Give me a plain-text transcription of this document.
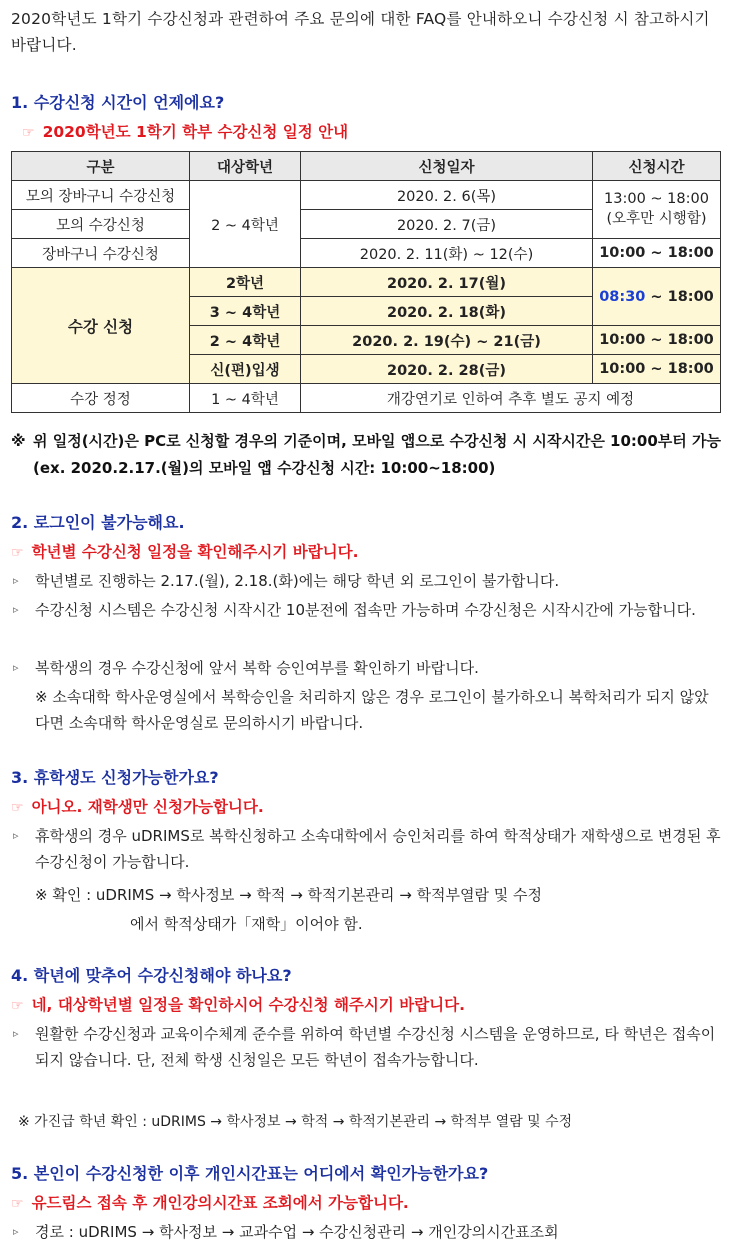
2020학년도 1학기 수강신청과 관련하여 주요 문의에 대한 FAQ를 안내하오니 수강신청 시 참고하시기 바랍니다.
1. 수강신청 시간이 언제에요?
☞ 2020학년도 1학기 학부 수강신청 일정 안내
구분	대상학년	신청일자	신청시간
모의 장바구니 수강신청	2 ~ 4학년	2020. 2. 6(목)	13:00 ~ 18:00
(오후만 시행함)

모의 수강신청		2020. 2. 7(금)	
장바구니 수강신청		2020. 2. 11(화) ~ 12(수)	10:00 ~ 18:00
수강 신청	2학년	2020. 2. 17(월)	08:30 ~ 18:00
	3 ~ 4학년	2020. 2. 18(화)	
	2 ~ 4학년	2020. 2. 19(수) ~ 21(금)	10:00 ~ 18:00
	신(편)입생	2020. 2. 28(금)	10:00 ~ 18:00
수강 정정	1 ~ 4학년	개강연기로 인하여 추후 별도 공지 예정	
※ 위 일정(시간)은 PC로 신청할 경우의 기준이며, 모바일 앱으로 수강신청 시 시작시간은 10:00부터 가능(ex. 2020.2.17.(월)의 모바일 앱 수강신청 시간: 10:00~18:00)
2. 로그인이 불가능해요.
☞ 학년별 수강신청 일정을 확인해주시기 바랍니다.
▹	학년별로 진행하는 2.17.(월), 2.18.(화)에는 해당 학년 외 로그인이 불가합니다.
▹	수강신청 시스템은 수강신청 시작시간 10분전에 접속만 가능하며 수강신청은 시작시간에 가능합니다.
▹	복학생의 경우 수강신청에 앞서 복학 승인여부를 확인하기 바랍니다.
※ 소속대학 학사운영실에서 복학승인을 처리하지 않은 경우 로그인이 불가하오니 복학처리가 되지 않았다면 소속대학 학사운영실로 문의하시기 바랍니다.
3. 휴학생도 신청가능한가요?
☞ 아니오. 재학생만 신청가능합니다.
▹	휴학생의 경우 uDRIMS로 복학신청하고 소속대학에서 승인처리를 하여 학적상태가 재학생으로 변경된 후 수강신청이 가능합니다.
※ 확인 : uDRIMS → 학사정보 → 학적 → 학적기본관리 → 학적부열람 및 수정
에서 학적상태가「재학」이어야 함.
4. 학년에 맞추어 수강신청해야 하나요?
☞ 네, 대상학년별 일정을 확인하시어 수강신청 해주시기 바랍니다.
▹	원활한 수강신청과 교육이수체계 준수를 위하여 학년별 수강신청 시스템을 운영하므로, 타 학년은 접속이 되지 않습니다. 단, 전체 학생 신청일은 모든 학년이 접속가능합니다.
※ 가진급 학년 확인 : uDRIMS → 학사정보 → 학적 → 학적기본관리 → 학적부 열람 및 수정
5. 본인이 수강신청한 이후 개인시간표는 어디에서 확인가능한가요?
☞ 유드림스 접속 후 개인강의시간표 조회에서 가능합니다.
▹	경로 : uDRIMS → 학사정보 → 교과수업 → 수강신청관리 → 개인강의시간표조회
